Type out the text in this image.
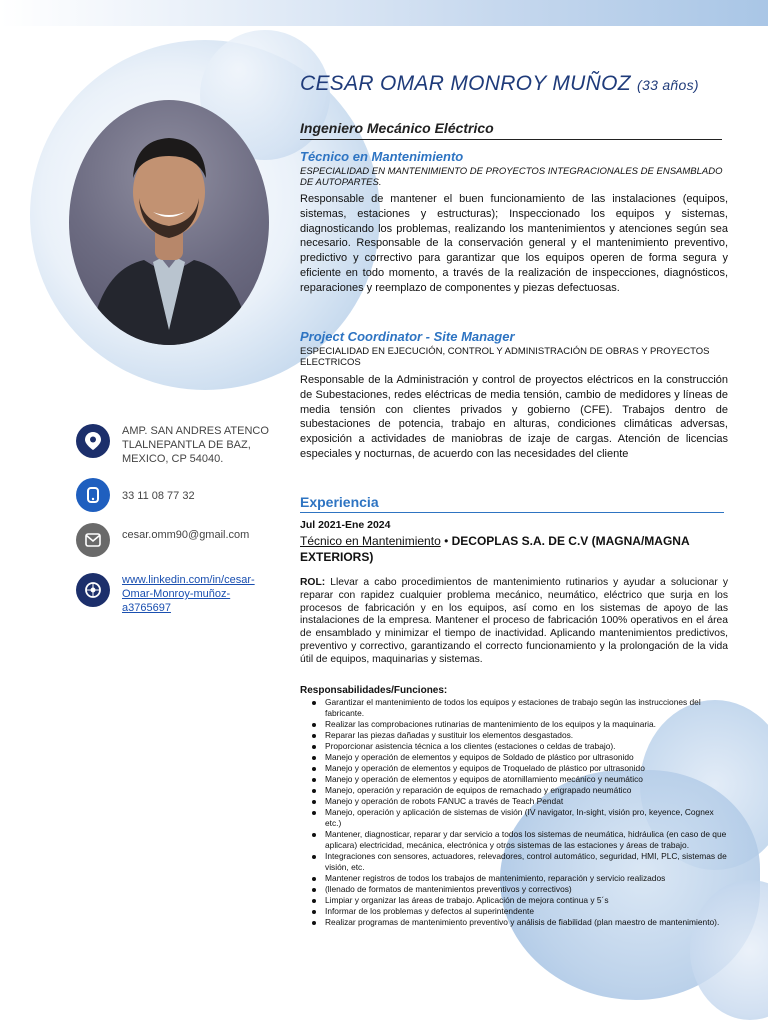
AMP. SAN ANDRES ATENCO TLALNEPANTLA DE BAZ, MEXICO, CP 54040.
33 11 08 77 32
cesar.omm90@gmail.com
www.linkedin.com/in/cesar-Omar-Monroy-muñoz-a3765697
CESAR OMAR MONROY MUÑOZ (33 años)
Ingeniero Mecánico Eléctrico
Técnico en Mantenimiento
ESPECIALIDAD EN MANTENIMIENTO DE PROYECTOS INTEGRACIONALES DE ENSAMBLADO DE AUTOPARTES.
Responsable de mantener el buen funcionamiento de las instalaciones (equipos, sistemas, estaciones y estructuras); Inspeccionado los equipos y sistemas, diagnosticando los problemas, realizando los mantenimientos y atenciones según sea necesario. Responsable de la conservación general y el mantenimiento preventivo, predictivo y correctivo para garantizar que los equipos operen de forma segura y eficiente en todo momento, a través de la realización de inspecciones, diagnósticos, reparaciones y reemplazo de componentes y piezas defectuosas.
Project Coordinator - Site Manager
ESPECIALIDAD EN EJECUCIÓN, CONTROL Y ADMINISTRACIÓN DE OBRAS Y PROYECTOS ELECTRICOS
Responsable de la Administración y control de proyectos eléctricos en la construcción de Subestaciones, redes eléctricas de media tensión, cambio de medidores y líneas de media tensión con clientes privados y gobierno (CFE). Trabajos dentro de subestaciones de potencia, trabajo en alturas, condiciones climáticas adversas, exposición a actividades de maniobras de izaje de cargas. Atención de licencias especiales y nocturnas, de acuerdo con las necesidades del cliente
Experiencia
Jul 2021-Ene 2024
Técnico en Mantenimiento • DECOPLAS S.A. DE C.V (MAGNA/MAGNA EXTERIORS)
ROL: Llevar a cabo procedimientos de mantenimiento rutinarios y ayudar a solucionar y reparar con rapidez cualquier problema mecánico, neumático, eléctrico que surja en los procesos de fabricación y en los equipos, así como en los sistemas de apoyo de las instalaciones de la empresa. Mantener el proceso de fabricación 100% operativos en el área de ensamblado y minimizar el tiempo de inactividad. Aplicando mantenimientos predictivos, preventivo y correctivo, garantizando el correcto funcionamiento y la prolongación de la vida útil de equipos, maquinarias y sistemas.
Responsabilidades/Funciones:
Garantizar el mantenimiento de todos los equipos y estaciones de trabajo según las instrucciones del fabricante.
Realizar las comprobaciones rutinarias de mantenimiento de los equipos y la maquinaria.
Reparar las piezas dañadas y sustituir los elementos desgastados.
Proporcionar asistencia técnica a los clientes (estaciones o celdas de trabajo).
Manejo y operación de elementos y equipos de Soldado de plástico por ultrasonido
Manejo y operación de elementos y equipos de Troquelado de plástico por ultrasonido
Manejo y operación de elementos y equipos de atornillamiento mecánico y neumático
Manejo, operación y reparación de equipos de remachado y engrapado neumático
Manejo y operación de robots FANUC a través de Teach Pendat
Manejo, operación y aplicación de sistemas de visión (IV navigator, In-sight, visión pro, keyence, Cognex etc.)
Mantener, diagnosticar, reparar y dar servicio a todos los sistemas de neumática, hidráulica (en caso de que aplicara) electricidad, mecánica, electrónica y otros sistemas de las estaciones y áreas de trabajo.
Integraciones con sensores, actuadores, relevadores, control automático, seguridad, HMI, PLC, sistemas de visión, etc.
Mantener registros de todos los trabajos de mantenimiento, reparación y servicio realizados
(llenado de formatos de mantenimientos preventivos y correctivos)
Limpiar y organizar las áreas de trabajo. Aplicación de mejora continua y 5´s
Informar de los problemas y defectos al superintendente
Realizar programas de mantenimiento preventivo y análisis de fiabilidad (plan maestro de mantenimiento).
